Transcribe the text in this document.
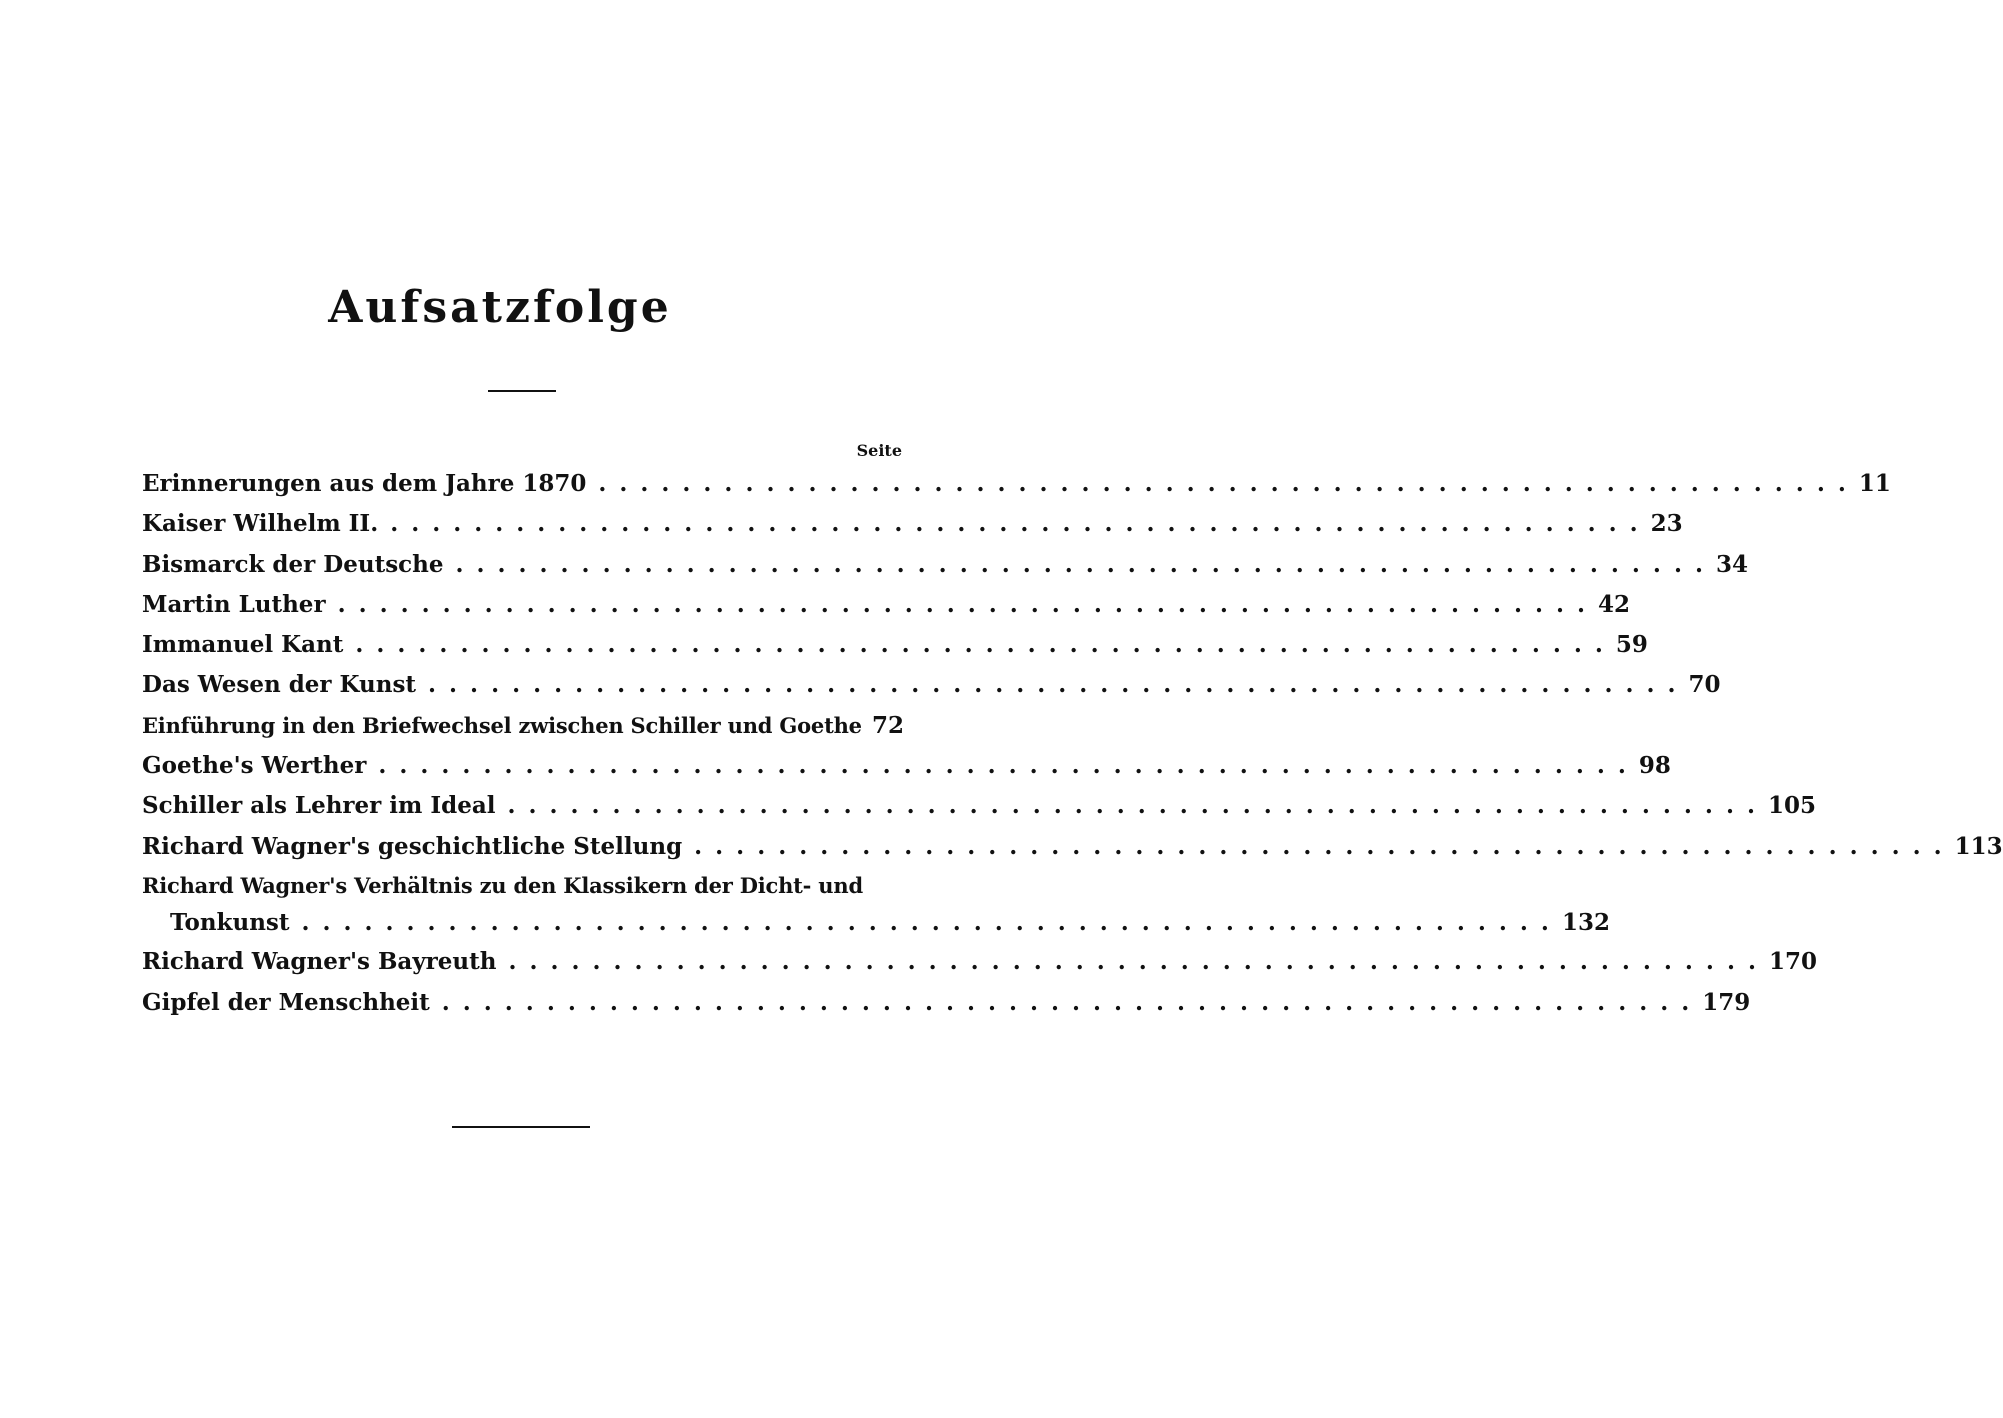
Aufsatzfolge
Seite
Erinnerungen aus dem Jahre 1870 ............................................................ 11
Kaiser Wilhelm II. ............................................................ 23
Bismarck der Deutsche ............................................................ 34
Martin Luther ............................................................ 42
Immanuel Kant ............................................................ 59
Das Wesen der Kunst ............................................................ 70
Einführung in den Briefwechsel zwischen Schiller und Goethe 72
Goethe's Werther ............................................................ 98
Schiller als Lehrer im Ideal ............................................................ 105
Richard Wagner's geschichtliche Stellung ............................................................ 113
Richard Wagner's Verhältnis zu den Klassikern der Dicht- und
Tonkunst ............................................................ 132
Richard Wagner's Bayreuth ............................................................ 170
Gipfel der Menschheit ............................................................ 179
